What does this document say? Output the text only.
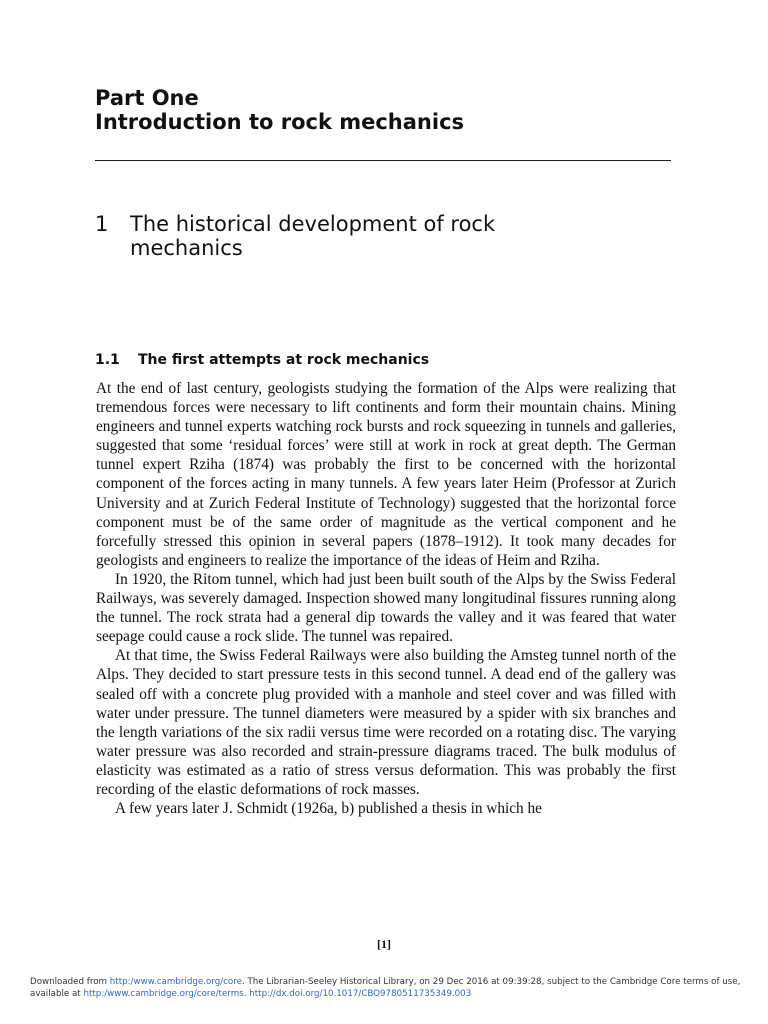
Part One
Introduction to rock mechanics
1 The historical development of rock mechanics
1.1 The first attempts at rock mechanics

At the end of last century, geologists studying the formation of the Alps were realizing that tremendous forces were necessary to lift continents and form their mountain chains. Mining engineers and tunnel experts watching rock bursts and rock squeezing in tunnels and galleries, suggested that some ‘residual forces’ were still at work in rock at great depth. The German tunnel expert Rziha (1874) was probably the first to be concerned with the horizontal component of the forces acting in many tunnels. A few years later Heim (Professor at Zurich University and at Zurich Federal Institute of Technology) suggested that the horizontal force component must be of the same order of magnitude as the vertical component and he forcefully stressed this opinion in several papers (1878–1912). It took many decades for geologists and engineers to realize the importance of the ideas of Heim and Rziha.

In 1920, the Ritom tunnel, which had just been built south of the Alps by the Swiss Federal Railways, was severely damaged. Inspection showed many longitudinal fissures running along the tunnel. The rock strata had a general dip towards the valley and it was feared that water seepage could cause a rock slide. The tunnel was repaired.

At that time, the Swiss Federal Railways were also building the Amsteg tunnel north of the Alps. They decided to start pressure tests in this second tunnel. A dead end of the gallery was sealed off with a concrete plug provided with a manhole and steel cover and was filled with water under pressure. The tunnel diameters were measured by a spider with six branches and the length variations of the six radii versus time were recorded on a rotating disc. The varying water pressure was also recorded and strain-pressure diagrams traced. The bulk modulus of elasticity was estimated as a ratio of stress versus deformation. This was probably the first recording of the elastic deformations of rock masses.

A few years later J. Schmidt (1926a, b) published a thesis in which he

[1]
Downloaded from http:/www.cambridge.org/core. The Librarian-Seeley Historical Library, on 29 Dec 2016 at 09:39:28, subject to the Cambridge Core terms of use, available at http:/www.cambridge.org/core/terms. http://dx.doi.org/10.1017/CBO9780511735349.003
